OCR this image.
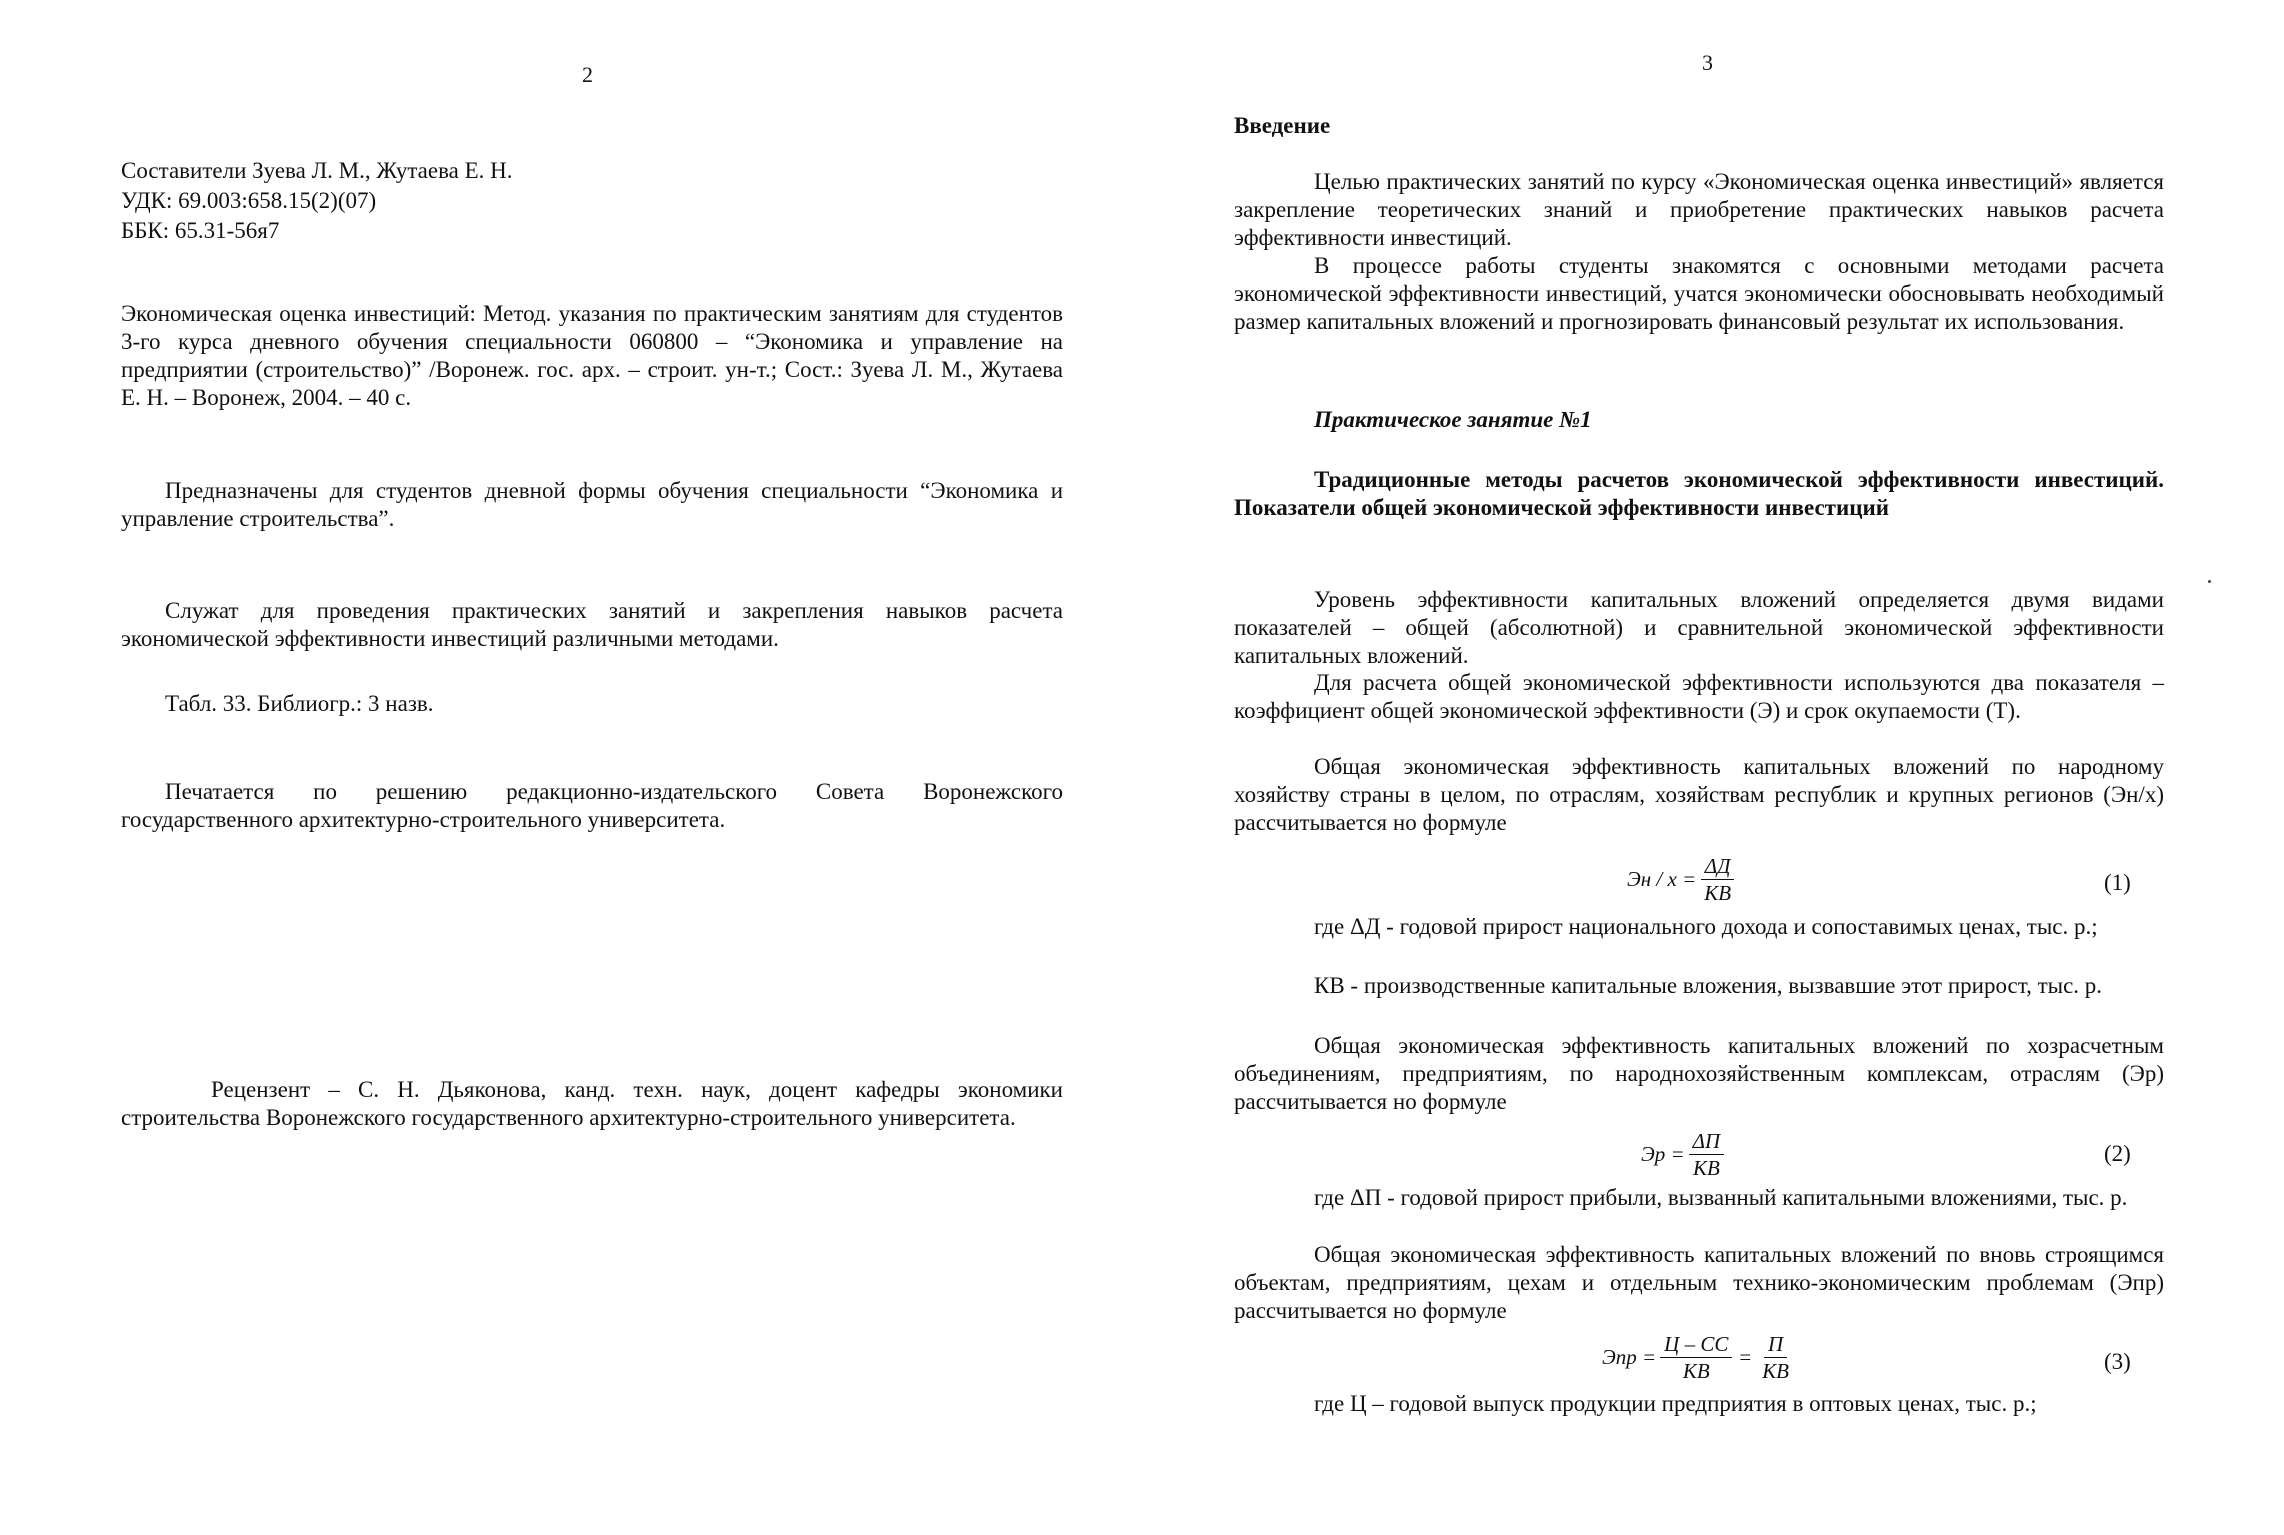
2
Составители Зуева Л. М., Жутаева Е. Н.
УДК: 69.003:658.15(2)(07)
ББК: 65.31-56я7

Экономическая оценка инвестиций: Метод. указания по практическим занятиям для студентов 3-го курса дневного обучения специальности 060800 – “Экономика и управление на предприятии (строительство)” /Воронеж. гос. арх. – строит. ун-т.; Сост.: Зуева Л. М., Жутаева Е. Н. – Воронеж, 2004. – 40 с.

Предназначены для студентов дневной формы обучения специальности “Экономика и управление строительства”.

Служат для проведения практических занятий и закрепления навыков расчета экономической эффективности инвестиций различными методами.

Табл. 33. Библиогр.: 3 назв.

Печатается по решению редакционно-издательского Совета Воронежского государственного архитектурно-строительного университета.

Рецензент – С. Н. Дьяконова, канд. техн. наук, доцент кафедры экономики строительства Воронежского государственного архитектурно-строительного университета.

3

Введение

Целью практических занятий по курсу «Экономическая оценка инвестиций» является закрепление теоретических знаний и приобретение практических навыков расчета эффективности инвестиций.

В процессе работы студенты знакомятся с основными методами расчета экономической эффективности инвестиций, учатся экономически обосновывать необходимый размер капитальных вложений и прогнозировать финансовый результат их использования.

Практическое занятие №1

Традиционные методы расчетов экономической эффективности инвестиций. Показатели общей экономической эффективности инвестиций

Уровень эффективности капитальных вложений определяется двумя видами показателей – общей (абсолютной) и сравнительной экономической эффективности капитальных вложений.

Для расчета общей экономической эффективности используются два показателя – коэффициент общей экономической эффективности (Э) и срок окупаемости (Т).

Общая экономическая эффективность капитальных вложений по народному хозяйству страны в целом, по отраслям, хозяйствам республик и крупных регионов (Эн/х) рассчитывается но формуле

Эн / $х = \frac{\Delta Д}{КВ}$	(1)

где ΔД - годовой прирост национального дохода и сопоставимых ценах, тыс. р.;

КВ - производственные капитальные вложения, вызвавшие этот прирост, тыс. р.

Общая экономическая эффективность капитальных вложений по хозрасчетным объединениям, предприятиям, по народнохозяйственным комплексам, отраслям (Эр) рассчитывается но формуле

Эр = $\frac{\Delta П}{КВ}$	(2)

где ΔП - годовой прирост прибыли, вызванный капитальными вложениями, тыс. р.

Общая экономическая эффективность капитальных вложений по вновь строящимся объектам, предприятиям, цехам и отдельным технико-экономическим проблемам (Эпр) рассчитывается но формуле

Эпр = $\frac{Ц - СС}{КВ} = \frac{П}{КВ}$	(3)

где Ц – годовой выпуск продукции предприятия в оптовых ценах, тыс. р.;
